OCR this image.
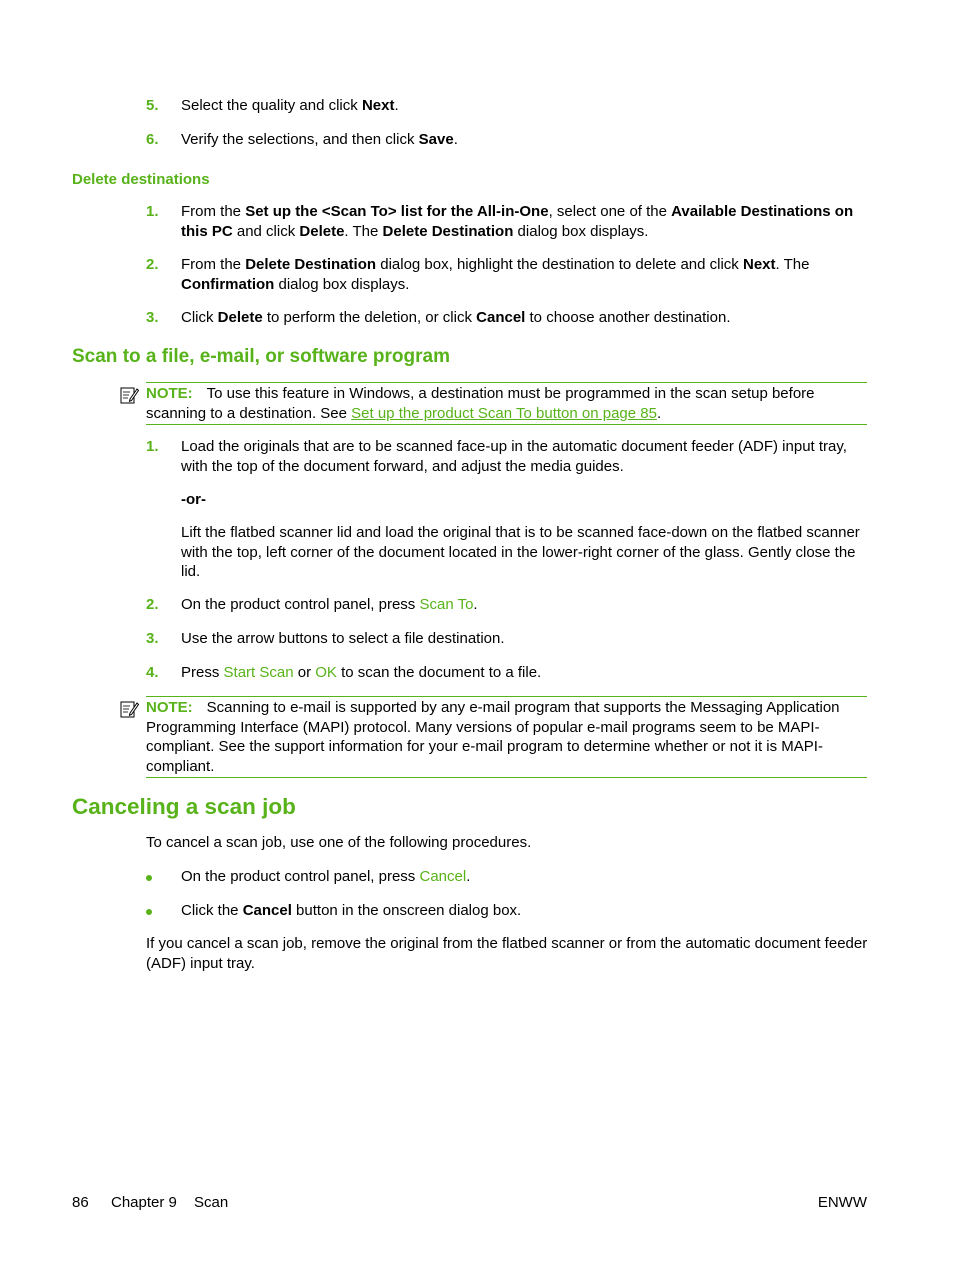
5. Select the quality and click Next.
6. Verify the selections, and then click Save.
Delete destinations
1. From the Set up the <Scan To> list for the All-in-One, select one of the Available Destinations on this PC and click Delete. The Delete Destination dialog box displays.
2. From the Delete Destination dialog box, highlight the destination to delete and click Next. The Confirmation dialog box displays.
3. Click Delete to perform the deletion, or click Cancel to choose another destination.
Scan to a file, e-mail, or software program
NOTE: To use this feature in Windows, a destination must be programmed in the scan setup before scanning to a destination. See Set up the product Scan To button on page 85.
1. Load the originals that are to be scanned face-up in the automatic document feeder (ADF) input tray, with the top of the document forward, and adjust the media guides.
-or-
Lift the flatbed scanner lid and load the original that is to be scanned face-down on the flatbed scanner with the top, left corner of the document located in the lower-right corner of the glass. Gently close the lid.
2. On the product control panel, press Scan To.
3. Use the arrow buttons to select a file destination.
4. Press Start Scan or OK to scan the document to a file.
NOTE: Scanning to e-mail is supported by any e-mail program that supports the Messaging Application Programming Interface (MAPI) protocol. Many versions of popular e-mail programs seem to be MAPI-compliant. See the support information for your e-mail program to determine whether or not it is MAPI-compliant.
Canceling a scan job
To cancel a scan job, use one of the following procedures.
On the product control panel, press Cancel.
Click the Cancel button in the onscreen dialog box.
If you cancel a scan job, remove the original from the flatbed scanner or from the automatic document feeder (ADF) input tray.
86 Chapter 9 Scan	ENWW
